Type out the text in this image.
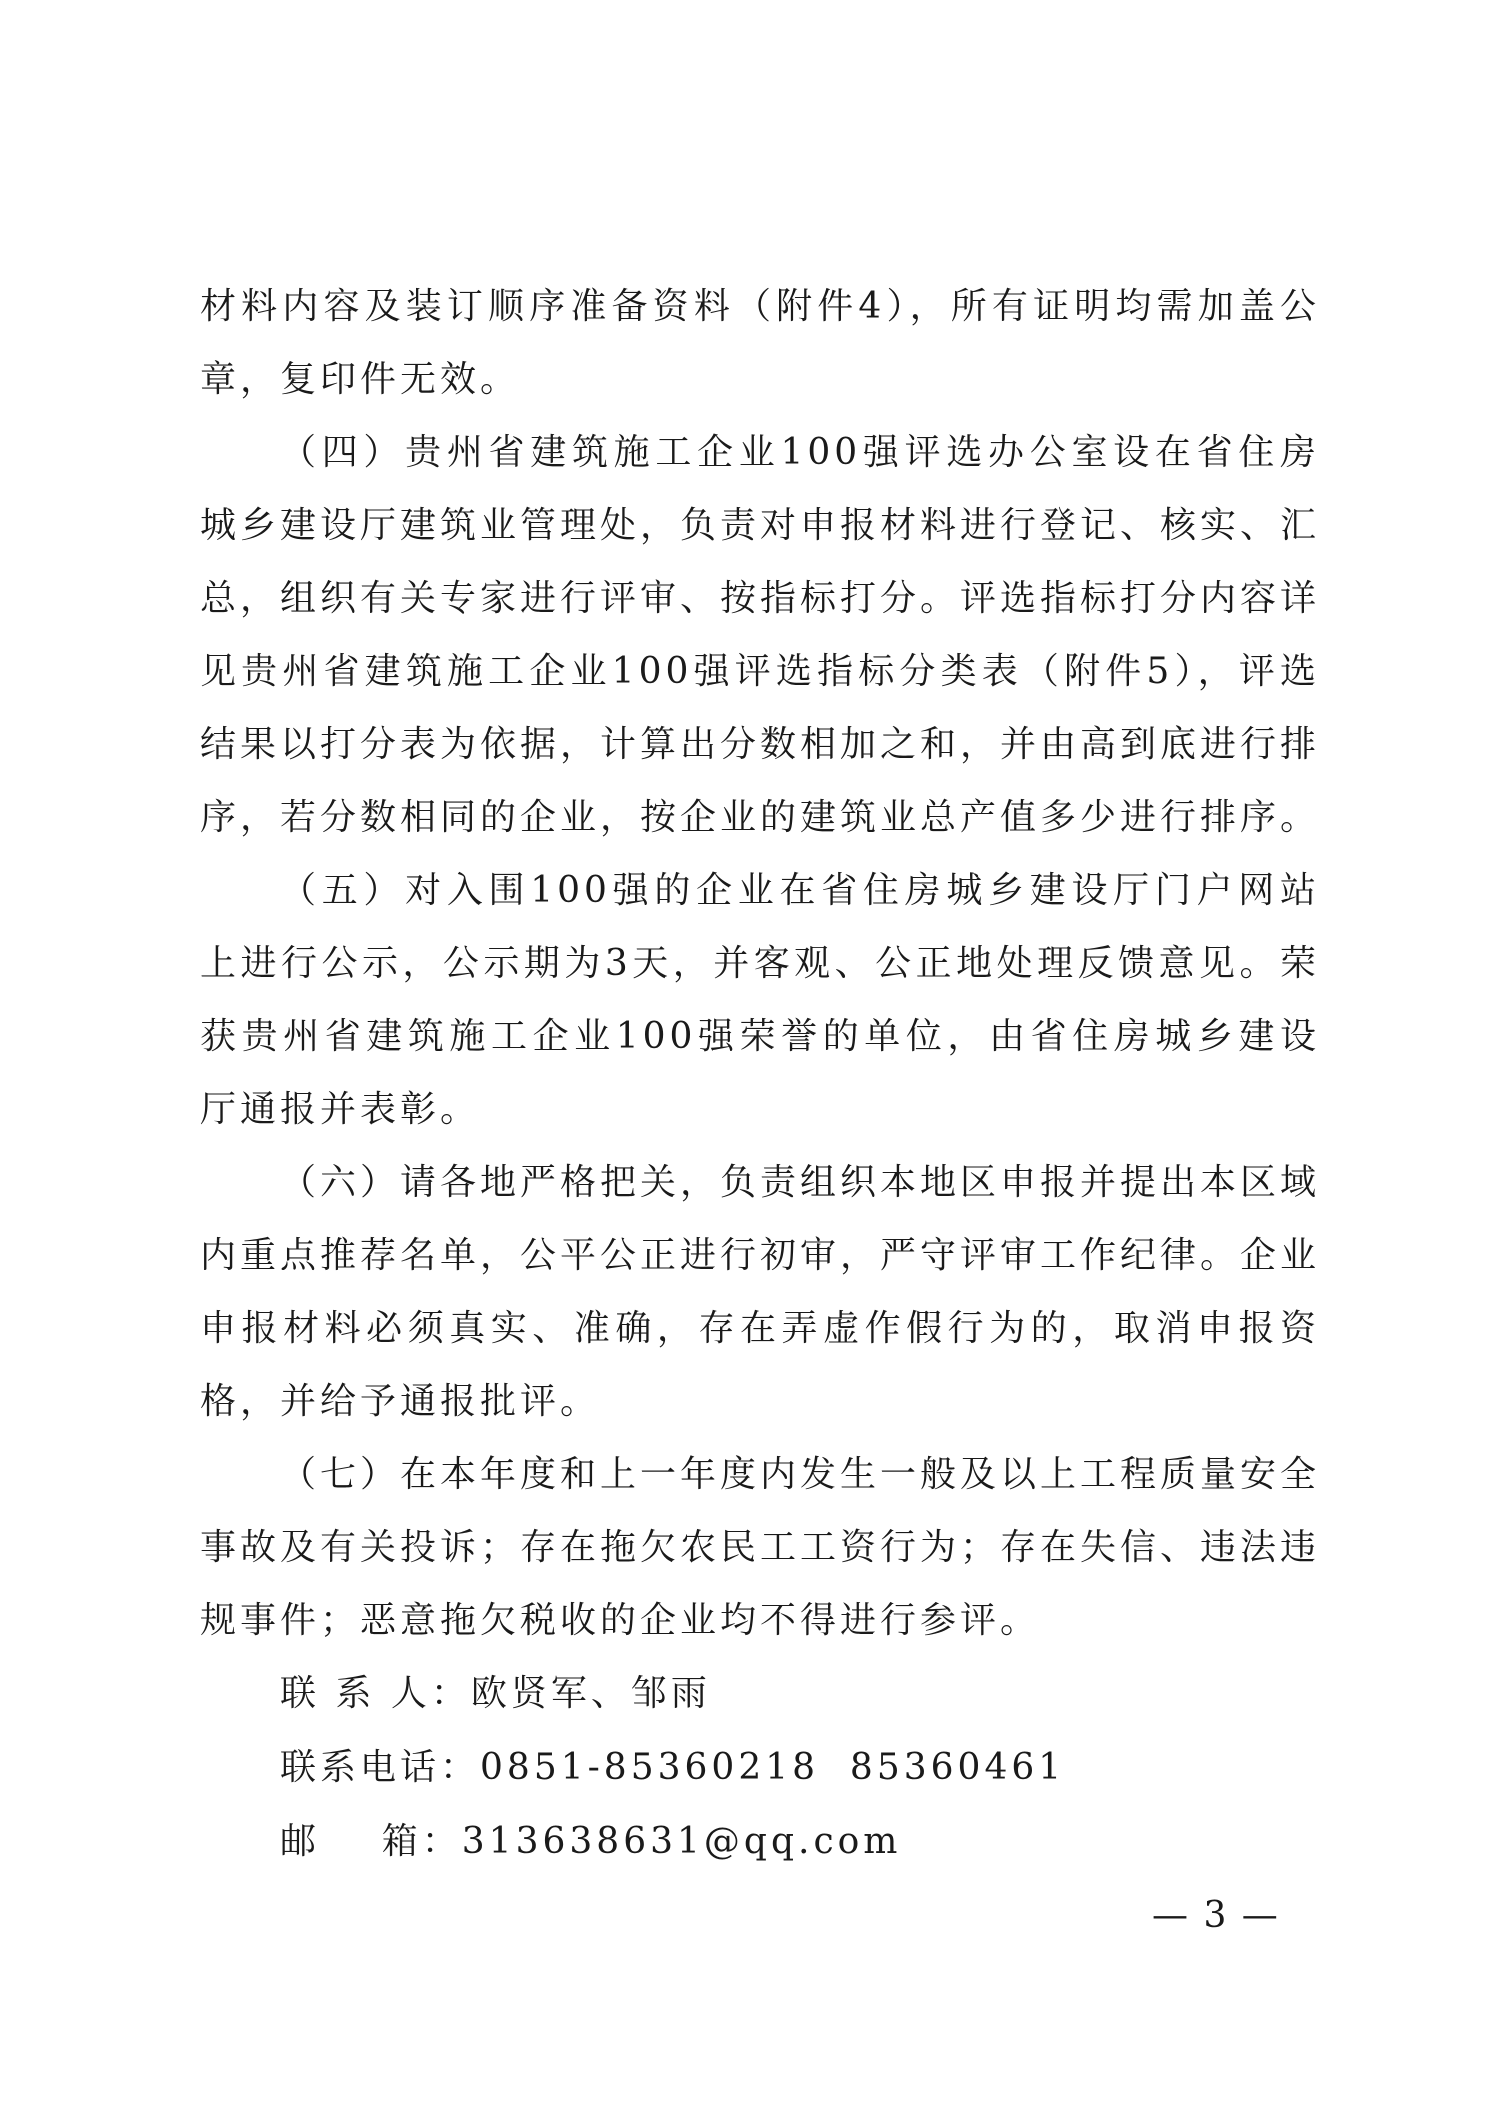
材料内容及装订顺序准备资料（附件4），所有证明均需加盖公章，复印件无效。

（四）贵州省建筑施工企业100强评选办公室设在省住房城乡建设厅建筑业管理处，负责对申报材料进行登记、核实、汇总，组织有关专家进行评审、按指标打分。评选指标打分内容详见贵州省建筑施工企业100强评选指标分类表（附件5），评选结果以打分表为依据，计算出分数相加之和，并由高到底进行排序，若分数相同的企业，按企业的建筑业总产值多少进行排序。

（五）对入围100强的企业在省住房城乡建设厅门户网站上进行公示，公示期为3天，并客观、公正地处理反馈意见。荣获贵州省建筑施工企业100强荣誉的单位，由省住房城乡建设厅通报并表彰。

（六）请各地严格把关，负责组织本地区申报并提出本区域内重点推荐名单，公平公正进行初审，严守评审工作纪律。企业申报材料必须真实、准确，存在弄虚作假行为的，取消申报资格，并给予通报批评。

（七）在本年度和上一年度内发生一般及以上工程质量安全事故及有关投诉；存在拖欠农民工工资行为；存在失信、违法违规事件；恶意拖欠税收的企业均不得进行参评。

联 系 人：欧贤军、邹雨
联系电话：0851-85360218  85360461
邮    箱：313638631@qq.com
— 3 —
